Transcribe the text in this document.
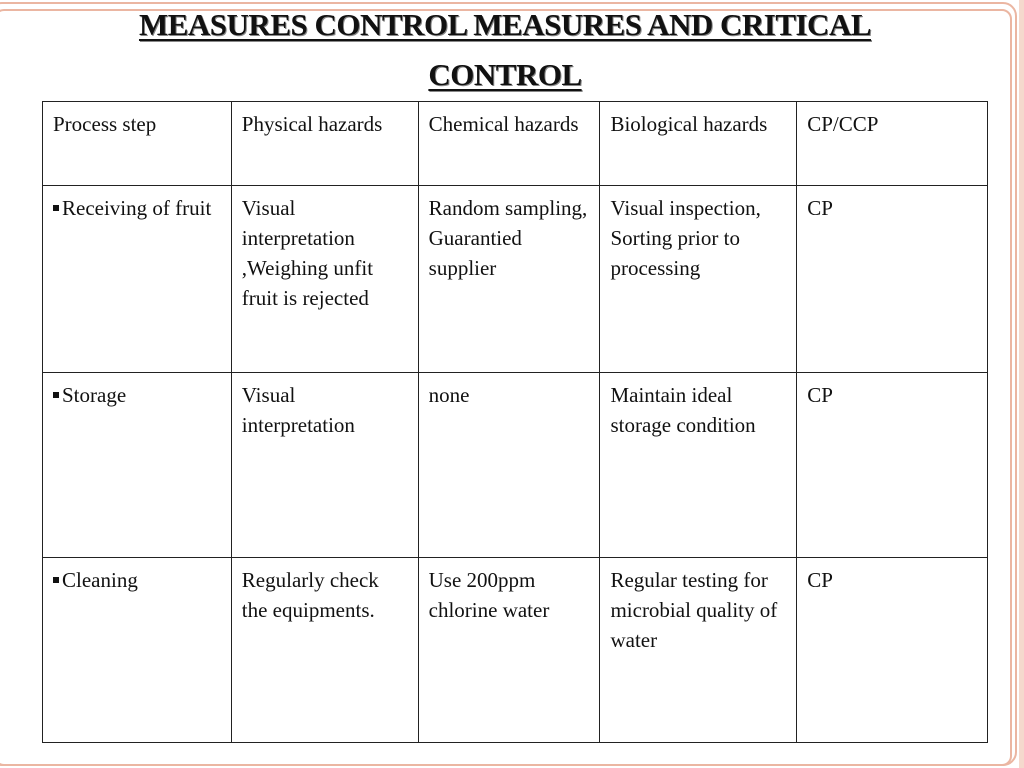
MEASURES CONTROL MEASURES AND CRITICAL
CONTROL
Process step	Physical hazards	Chemical hazards	Biological hazards	CP/CCP
Receiving of fruit	Visual interpretation ,Weighing unfit fruit is rejected	Random sampling, Guarantied supplier	Visual inspection, Sorting prior to processing	CP
Storage	Visual interpretation	none	Maintain ideal storage condition	CP
Cleaning	Regularly check the equipments.	Use 200ppm chlorine water	Regular testing for microbial quality of water	CP
